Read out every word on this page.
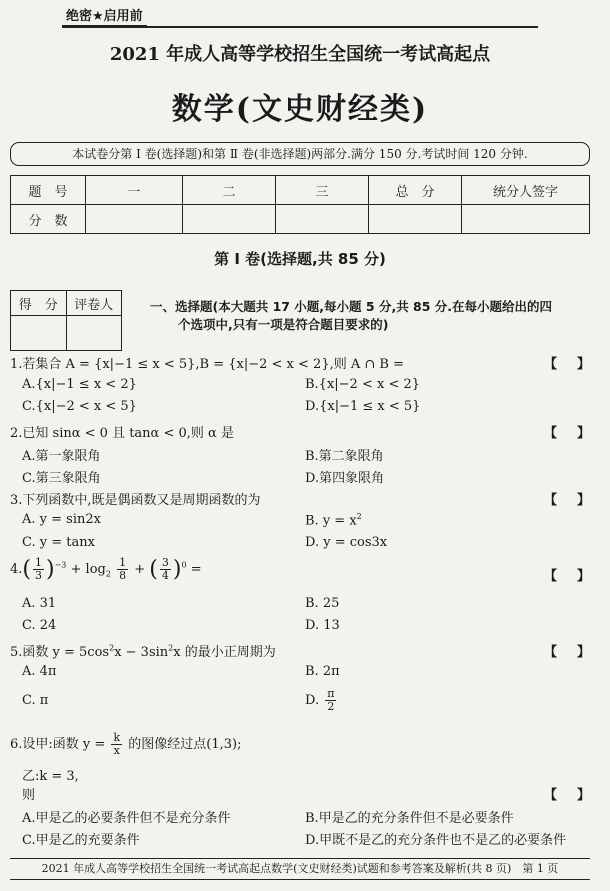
绝密★启用前
2021 年成人高等学校招生全国统一考试高起点
数学(文史财经类)
本试卷分第 Ⅰ 卷(选择题)和第 Ⅱ 卷(非选择题)两部分.满分 150 分.考试时间 120 分钟.
题　号	一	二	三	总　分	统分人签字
分　数					
第 Ⅰ 卷(选择题,共 85 分)
得　分	评卷人
		一、选择题(本大题共 17 小题,每小题 5 分,共 85 分.在每小题给出的四
个选项中,只有一项是符合题目要求的)
1.若集合 A = {x|−1 ≤ x < 5},B = {x|−2 < x < 2},则 A ∩ B =	【】
A.{x|−1 ≤ x < 2}	B.{x|−2 < x < 2}
C.{x|−2 < x < 5}	D.{x|−1 ≤ x < 5}
2.已知 sinα < 0 且 tanα < 0,则 α 是	【】
A.第一象限角	B.第二象限角
C.第三象限角	D.第四象限角
3.下列函数中,既是偶函数又是周期函数的为	【】
A. y = sin2x	B. $y = x^2$
C. y = tanx	D. y = cos3x
$4.( \frac{1}{3} )^{-3} + \log_2 \frac{1}{8}$ + ( $\frac{3}{4} )^0$ =	【】
A. 31	B. 25
C. 24	D. 13
5.函数 $y = 5\cos^2x - 3\sin^2x$ 的最小正周期为	【】
A. 4π	B. 2π
C. π	D. $\frac{\pi}{2}$
6.设甲:函数 $y = \frac{k}{x}$ 的图像经过点(1,3);
乙:k = 3,
则	【】
A.甲是乙的必要条件但不是充分条件	B.甲是乙的充分条件但不是必要条件
C.甲是乙的充要条件	D.甲既不是乙的充分条件也不是乙的必要条件
2021 年成人高等学校招生全国统一考试高起点数学(文史财经类)试题和参考答案及解析(共 8 页)　第 1 页
